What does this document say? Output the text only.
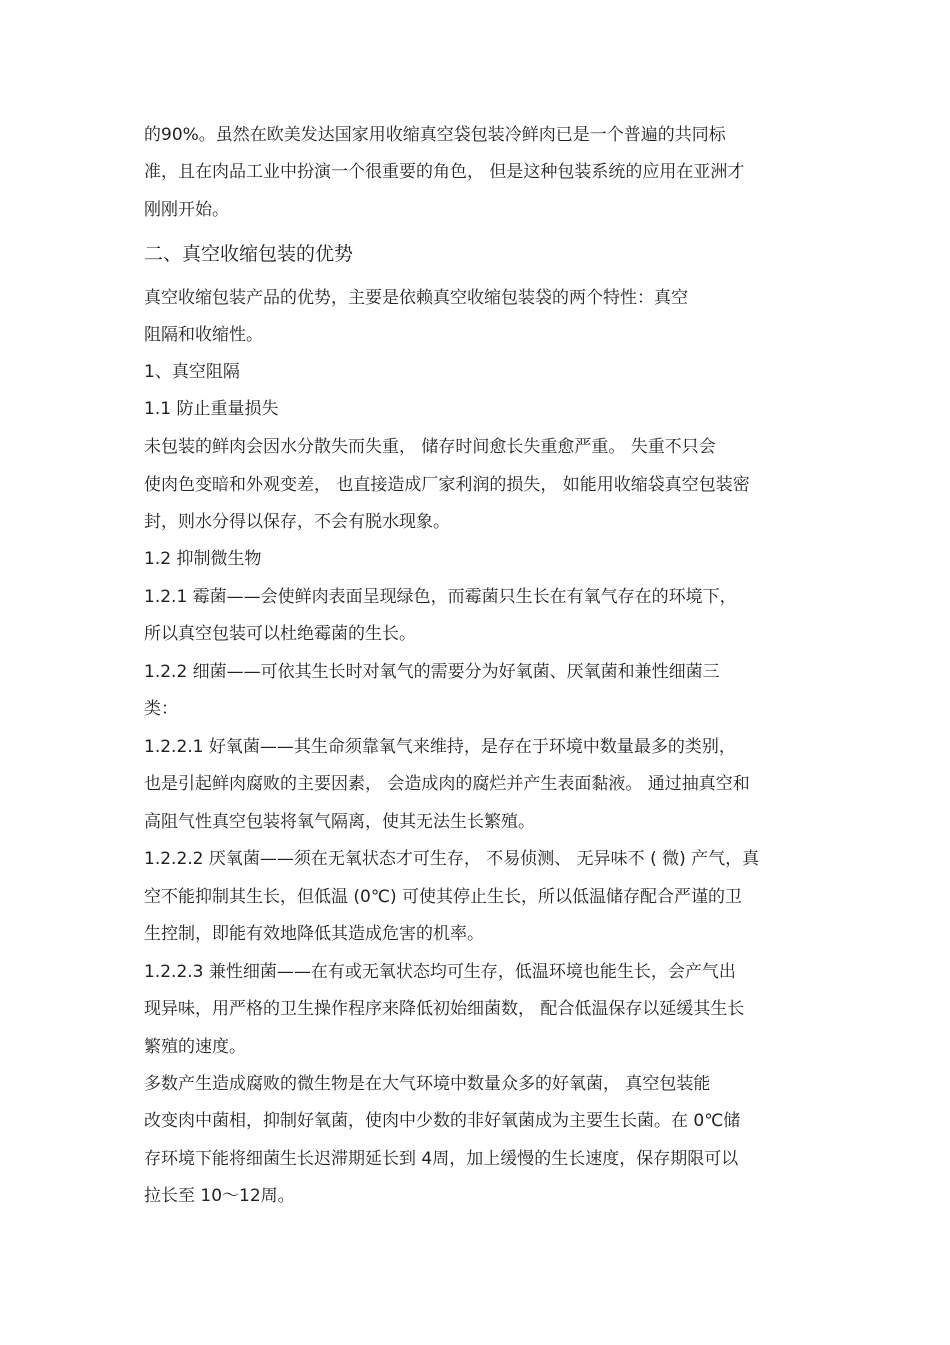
的90%。虽然在欧美发达国家用收缩真空袋包装冷鲜肉已是一个普遍的共同标
准，且在肉品工业中扮演一个很重要的角色， 但是这种包装系统的应用在亚洲才
刚刚开始。
二、真空收缩包装的优势
真空收缩包装产品的优势，主要是依赖真空收缩包装袋的两个特性：真空
阻隔和收缩性。
1、真空阻隔
1.1 防止重量损失
未包装的鲜肉会因水分散失而失重， 储存时间愈长失重愈严重。 失重不只会
使肉色变暗和外观变差， 也直接造成厂家利润的损失， 如能用收缩袋真空包装密
封，则水分得以保存，不会有脱水现象。
1.2 抑制微生物
1.2.1 霉菌——会使鲜肉表面呈现绿色，而霉菌只生长在有氧气存在的环境下，
所以真空包装可以杜绝霉菌的生长。
1.2.2 细菌——可依其生长时对氧气的需要分为好氧菌、厌氧菌和兼性细菌三
类：
1.2.2.1 好氧菌——其生命须靠氧气来维持，是存在于环境中数量最多的类别，
也是引起鲜肉腐败的主要因素， 会造成肉的腐烂并产生表面黏液。 通过抽真空和
高阻气性真空包装将氧气隔离，使其无法生长繁殖。
1.2.2.2 厌氧菌——须在无氧状态才可生存， 不易侦测、 无异味不 ( 微) 产气，真
空不能抑制其生长，但低温 (0℃) 可使其停止生长，所以低温储存配合严谨的卫
生控制，即能有效地降低其造成危害的机率。
1.2.2.3 兼性细菌——在有或无氧状态均可生存，低温环境也能生长，会产气出
现异味，用严格的卫生操作程序来降低初始细菌数， 配合低温保存以延缓其生长
繁殖的速度。
多数产生造成腐败的微生物是在大气环境中数量众多的好氧菌， 真空包装能
改变肉中菌相，抑制好氧菌，使肉中少数的非好氧菌成为主要生长菌。在 0℃储
存环境下能将细菌生长迟滞期延长到 4周，加上缓慢的生长速度，保存期限可以
拉长至 10～12周。
